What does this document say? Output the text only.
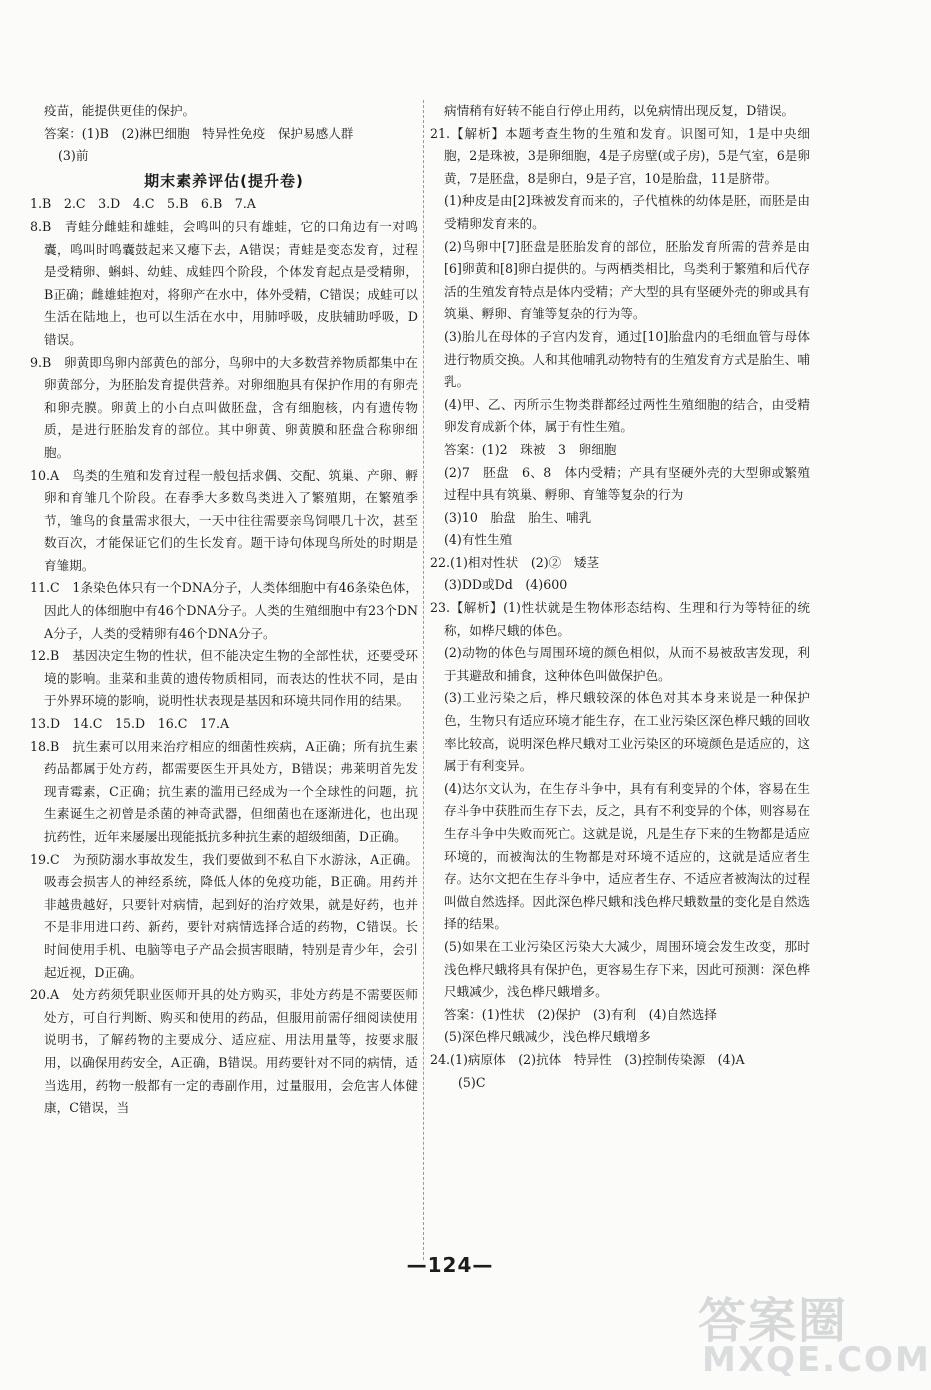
疫苗，能提供更佳的保护。

答案：(1)B　(2)淋巴细胞　特异性免疫　保护易感人群

(3)前

期末素养评估(提升卷)

1.B　2.C　3.D　4.C　5.B　6.B　7.A

8.B　青蛙分雌蛙和雄蛙，会鸣叫的只有雄蛙，它的口角边有一对鸣囊，鸣叫时鸣囊鼓起来又瘪下去，A错误；青蛙是变态发育，过程是受精卵、蝌蚪、幼蛙、成蛙四个阶段，个体发育起点是受精卵，B正确；雌雄蛙抱对，将卵产在水中，体外受精，C错误；成蛙可以生活在陆地上，也可以生活在水中，用肺呼吸，皮肤辅助呼吸，D错误。

9.B　卵黄即鸟卵内部黄色的部分，鸟卵中的大多数营养物质都集中在卵黄部分，为胚胎发育提供营养。对卵细胞具有保护作用的有卵壳和卵壳膜。卵黄上的小白点叫做胚盘，含有细胞核，内有遗传物质，是进行胚胎发育的部位。其中卵黄、卵黄膜和胚盘合称卵细胞。

10.A　鸟类的生殖和发育过程一般包括求偶、交配、筑巢、产卵、孵卵和育雏几个阶段。在春季大多数鸟类进入了繁殖期，在繁殖季节，雏鸟的食量需求很大，一天中往往需要亲鸟饲喂几十次，甚至数百次，才能保证它们的生长发育。题干诗句体现鸟所处的时期是育雏期。

11.C　1条染色体只有一个DNA分子，人类体细胞中有46条染色体，因此人的体细胞中有46个DNA分子。人类的生殖细胞中有23个DNA分子，人类的受精卵有46个DNA分子。

12.B　基因决定生物的性状，但不能决定生物的全部性状，还要受环境的影响。韭菜和韭黄的遗传物质相同，而表达的性状不同，是由于外界环境的影响，说明性状表现是基因和环境共同作用的结果。

13.D　14.C　15.D　16.C　17.A

18.B　抗生素可以用来治疗相应的细菌性疾病，A正确；所有抗生素药品都属于处方药，都需要医生开具处方，B错误；弗莱明首先发现青霉素，C正确；抗生素的滥用已经成为一个全球性的问题，抗生素诞生之初曾是杀菌的神奇武器，但细菌也在逐渐进化，也出现抗药性，近年来屡屡出现能抵抗多种抗生素的超级细菌，D正确。

19.C　为预防溺水事故发生，我们要做到不私自下水游泳，A正确。吸毒会损害人的神经系统，降低人体的免疫功能，B正确。用药并非越贵越好，只要针对病情，起到好的治疗效果，就是好药，也并不是非用进口药、新药，要针对病情选择合适的药物，C错误。长时间使用手机、电脑等电子产品会损害眼睛，特别是青少年，会引起近视，D正确。

20.A　处方药须凭职业医师开具的处方购买，非处方药是不需要医师处方，可自行判断、购买和使用的药品，但服用前需仔细阅读使用说明书，了解药物的主要成分、适应症、用法用量等，按要求服用，以确保用药安全，A正确，B错误。用药要针对不同的病情，适当选用，药物一般都有一定的毒副作用，过量服用，会危害人体健康，C错误，当

病情稍有好转不能自行停止用药，以免病情出现反复，D错误。

21.【解析】本题考查生物的生殖和发育。识图可知，1是中央细胞，2是珠被，3是卵细胞，4是子房壁(或子房)，5是气室，6是卵黄，7是胚盘，8是卵白，9是子宫，10是胎盘，11是脐带。

(1)种皮是由[2]珠被发育而来的，子代植株的幼体是胚，而胚是由受精卵发育来的。

(2)鸟卵中[7]胚盘是胚胎发育的部位，胚胎发育所需的营养是由[6]卵黄和[8]卵白提供的。与两栖类相比，鸟类利于繁殖和后代存活的生殖发育特点是体内受精；产大型的具有坚硬外壳的卵或具有筑巢、孵卵、育雏等复杂的行为等。

(3)胎儿在母体的子宫内发育，通过[10]胎盘内的毛细血管与母体进行物质交换。人和其他哺乳动物特有的生殖发育方式是胎生、哺乳。

(4)甲、乙、丙所示生物类群都经过两性生殖细胞的结合，由受精卵发育成新个体，属于有性生殖。

答案：(1)2　珠被　3　卵细胞

(2)7　胚盘　6、8　体内受精；产具有坚硬外壳的大型卵或繁殖过程中具有筑巢、孵卵、育雏等复杂的行为

(3)10　胎盘　胎生、哺乳

(4)有性生殖

22.(1)相对性状　(2)②　矮茎

(3)DD或Dd　(4)600

23.【解析】(1)性状就是生物体形态结构、生理和行为等特征的统称，如桦尺蛾的体色。

(2)动物的体色与周围环境的颜色相似，从而不易被敌害发现，利于其避敌和捕食，这种体色叫做保护色。

(3)工业污染之后，桦尺蛾较深的体色对其本身来说是一种保护色，生物只有适应环境才能生存，在工业污染区深色桦尺蛾的回收率比较高，说明深色桦尺蛾对工业污染区的环境颜色是适应的，这属于有利变异。

(4)达尔文认为，在生存斗争中，具有有利变异的个体，容易在生存斗争中获胜而生存下去，反之，具有不利变异的个体，则容易在生存斗争中失败而死亡。这就是说，凡是生存下来的生物都是适应环境的，而被淘汰的生物都是对环境不适应的，这就是适应者生存。达尔文把在生存斗争中，适应者生存、不适应者被淘汰的过程叫做自然选择。因此深色桦尺蛾和浅色桦尺蛾数量的变化是自然选择的结果。

(5)如果在工业污染区污染大大减少，周围环境会发生改变，那时浅色桦尺蛾将具有保护色，更容易生存下来，因此可预测：深色桦尺蛾减少，浅色桦尺蛾增多。

答案：(1)性状　(2)保护　(3)有利　(4)自然选择

(5)深色桦尺蛾减少，浅色桦尺蛾增多

24.(1)病原体　(2)抗体　特异性　(3)控制传染源　(4)A

(5)C

—124—
答案圈
MXQE.COM
